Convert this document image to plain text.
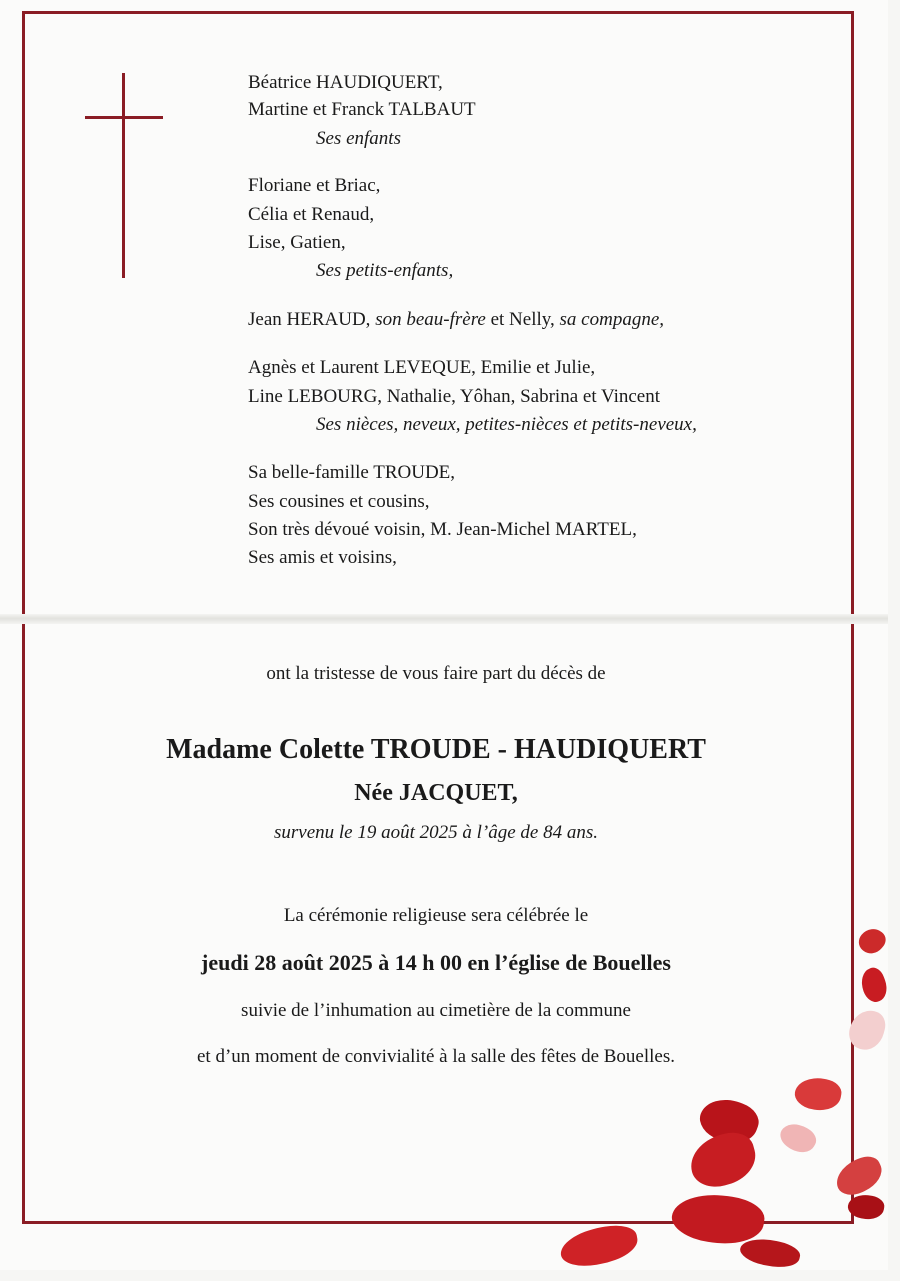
Béatrice HAUDIQUERT,
Martine et Franck TALBAUT
Ses enfants
Floriane et Briac,
Célia et Renaud,
Lise, Gatien,
Ses petits-enfants,
Jean HERAUD, son beau-frère et Nelly, sa compagne,
Agnès et Laurent LEVEQUE, Emilie et Julie,
Line LEBOURG, Nathalie, Yôhan, Sabrina et Vincent
Ses nièces, neveux, petites-nièces et petits-neveux,
Sa belle-famille TROUDE,
Ses cousines et cousins,
Son très dévoué voisin, M. Jean-Michel MARTEL,
Ses amis et voisins,
ont la tristesse de vous faire part du décès de
Madame Colette TROUDE - HAUDIQUERT
Née JACQUET,
survenu le 19 août 2025 à l’âge de 84 ans.
La cérémonie religieuse sera célébrée le
jeudi 28 août 2025 à 14 h 00 en l’église de Bouelles
suivie de l’inhumation au cimetière de la commune
et d’un moment de convivialité à la salle des fêtes de Bouelles.
